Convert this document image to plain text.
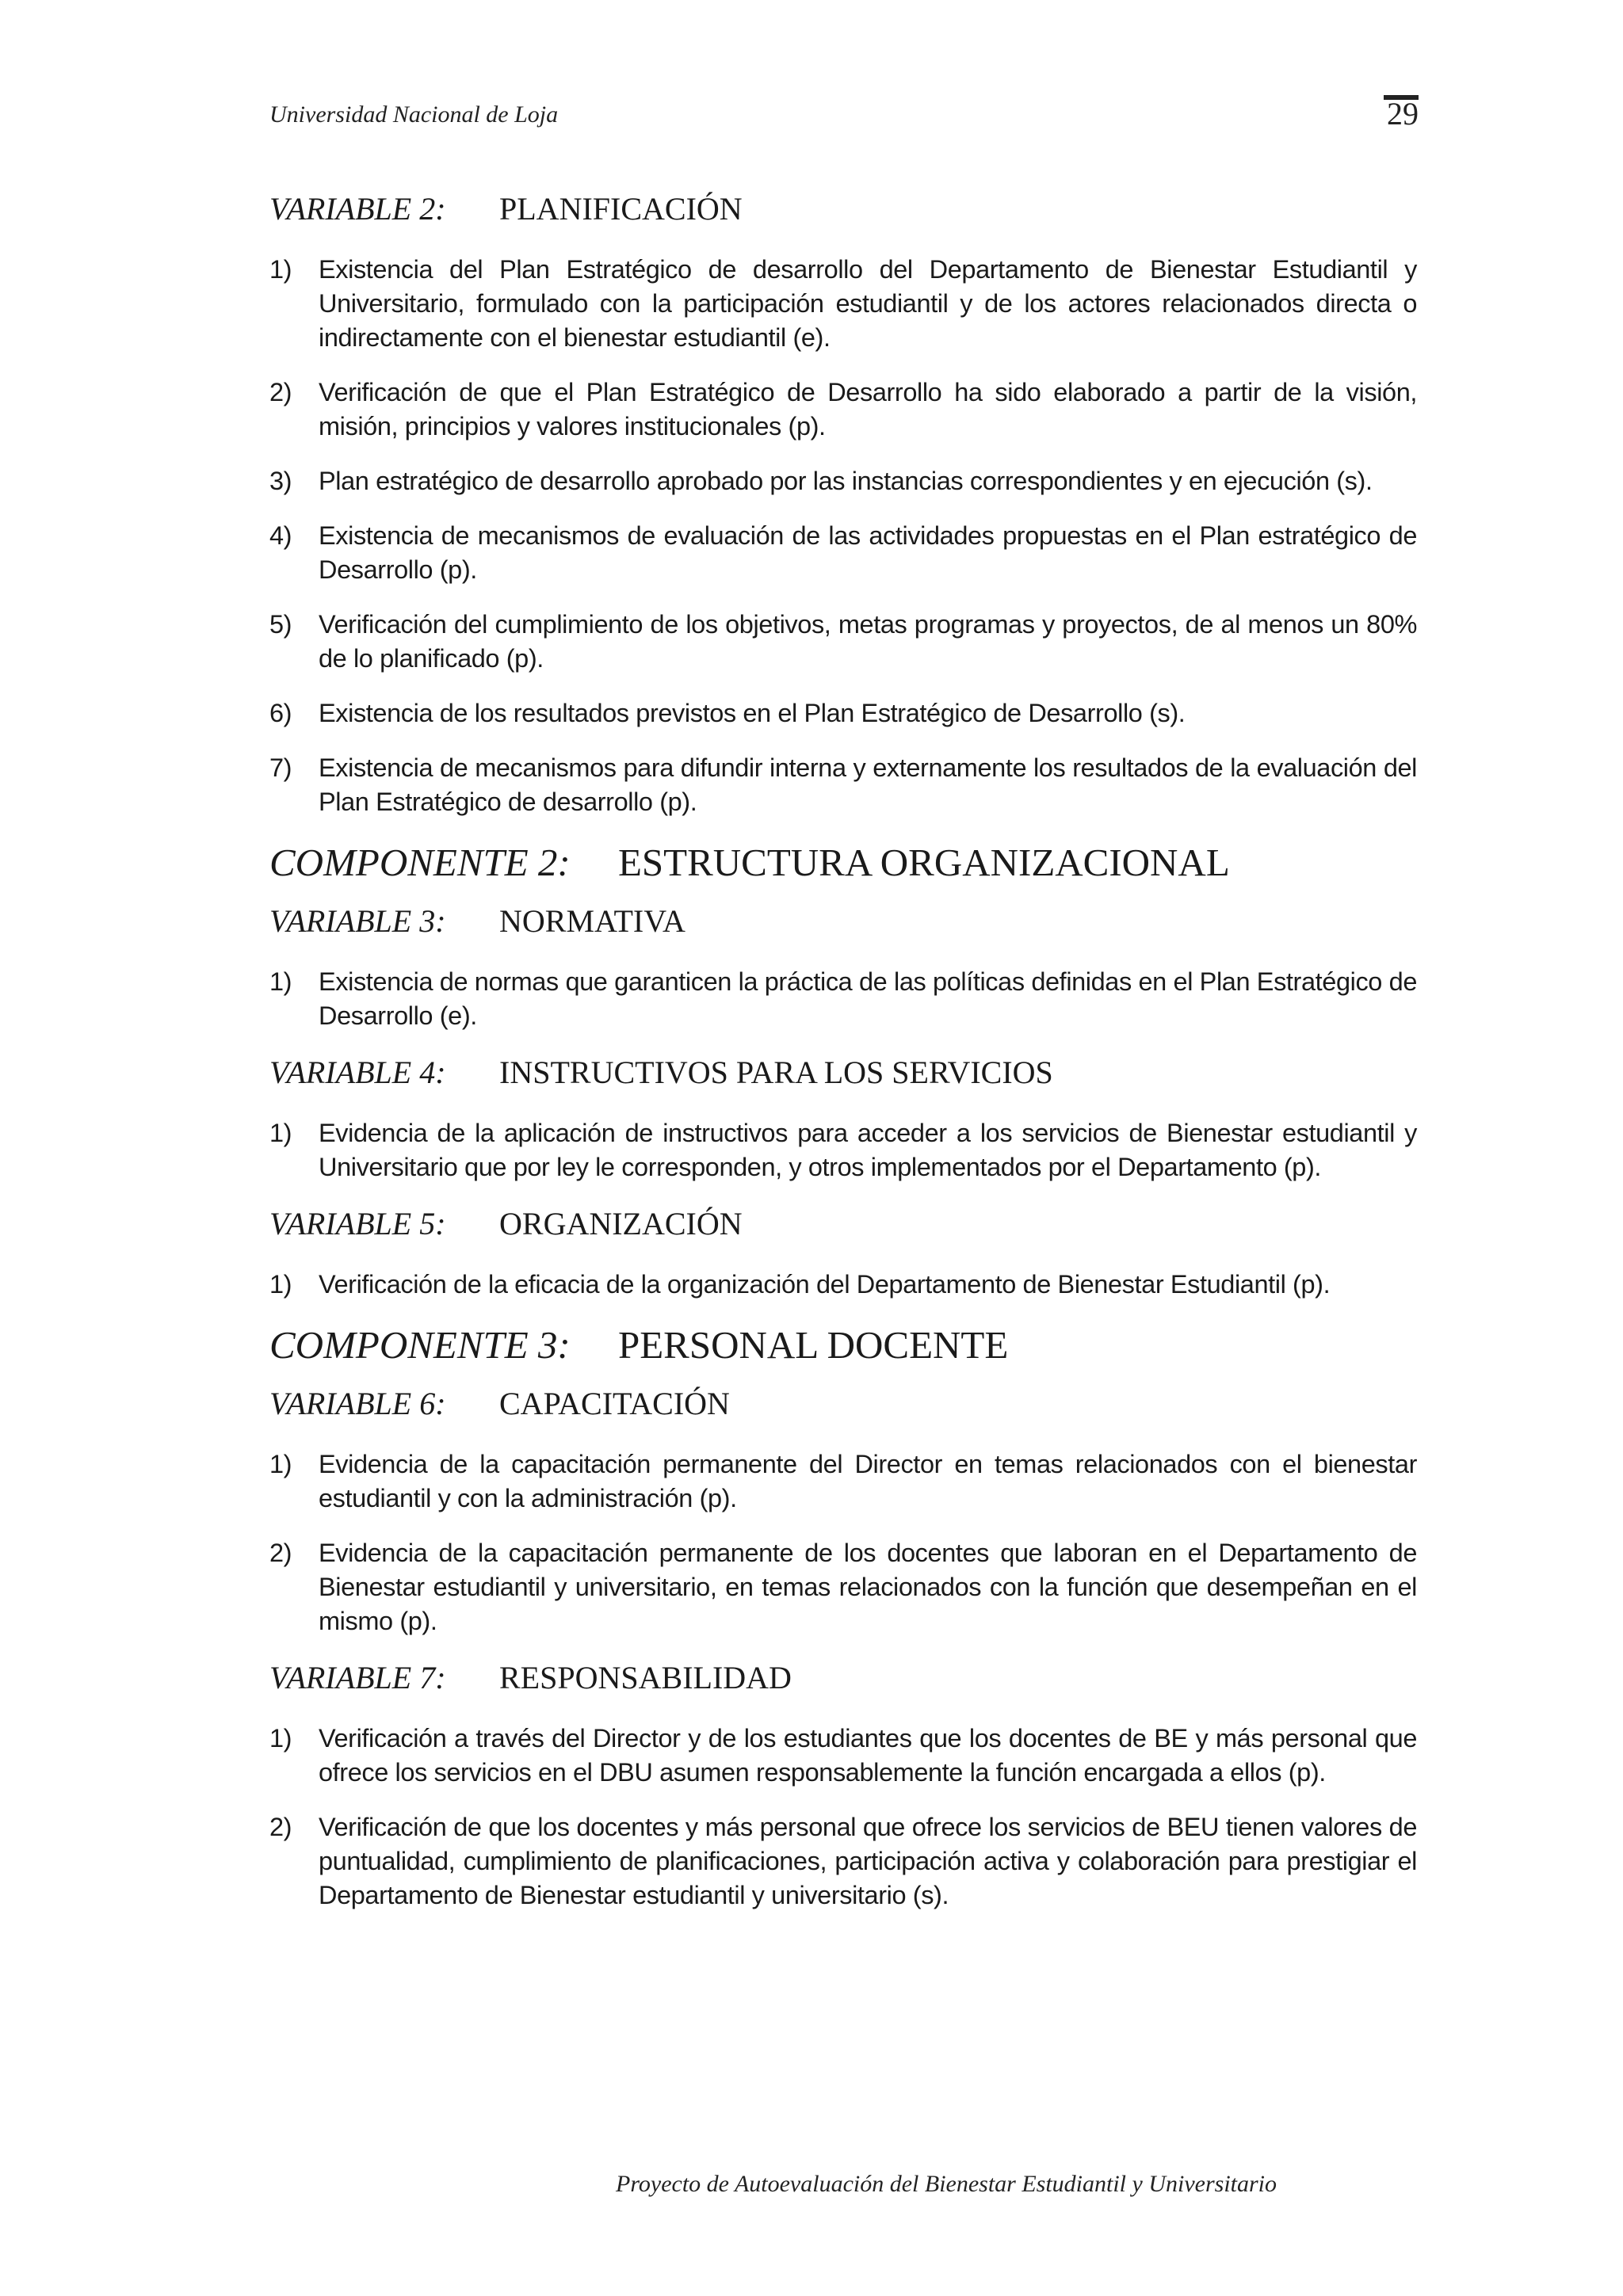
Universidad Nacional de Loja	29
VARIABLE 2:	PLANIFICACIÓN
1) Existencia del Plan Estratégico de desarrollo del Departamento de Bienestar Estudiantil y Universitario, formulado con la participación estudiantil y de los actores relacionados directa o indirectamente con el bienestar estudiantil (e).
2) Verificación de que el Plan Estratégico de Desarrollo ha sido elaborado a partir de la visión, misión, principios y valores institucionales (p).
3) Plan estratégico de desarrollo aprobado por las instancias correspondientes y en ejecución (s).
4) Existencia de mecanismos de evaluación de las actividades propuestas en el Plan estratégico de Desarrollo (p).
5) Verificación del cumplimiento de los objetivos, metas programas y proyectos, de al menos un 80% de lo planificado (p).
6) Existencia de los resultados previstos en el Plan Estratégico de Desarrollo (s).
7) Existencia de mecanismos para difundir interna y externamente los resultados de la evaluación del Plan Estratégico de desarrollo (p).
COMPONENTE 2:	ESTRUCTURA ORGANIZACIONAL
VARIABLE 3:	NORMATIVA
1) Existencia de normas que garanticen la práctica de las políticas definidas en el Plan Estratégico de Desarrollo (e).
VARIABLE 4:	INSTRUCTIVOS PARA LOS SERVICIOS
1) Evidencia de la aplicación de instructivos para acceder a los servicios de Bienestar estudiantil y Universitario que por ley le corresponden, y otros implementados por el Departamento (p).
VARIABLE 5:	ORGANIZACIÓN
1) Verificación de la eficacia de la organización del Departamento de Bienestar Estudiantil (p).
COMPONENTE 3:	PERSONAL DOCENTE
VARIABLE 6:	CAPACITACIÓN
1) Evidencia de la capacitación permanente del Director en temas relacionados con el bienestar estudiantil y con la administración (p).
2) Evidencia de la capacitación permanente de los docentes que laboran en el Departamento de Bienestar estudiantil y universitario, en temas relacionados con la función que desempeñan en el mismo (p).
VARIABLE 7:	RESPONSABILIDAD
1) Verificación a través del Director y de los estudiantes que los docentes de BE y más personal que ofrece los servicios en el DBU asumen responsablemente la función encargada a ellos (p).
2) Verificación de que los docentes y más personal que ofrece los servicios de BEU tienen valores de puntualidad, cumplimiento de planificaciones, participación activa y colaboración para prestigiar el Departamento de Bienestar estudiantil y universitario (s).
Proyecto de Autoevaluación del Bienestar Estudiantil y Universitario
